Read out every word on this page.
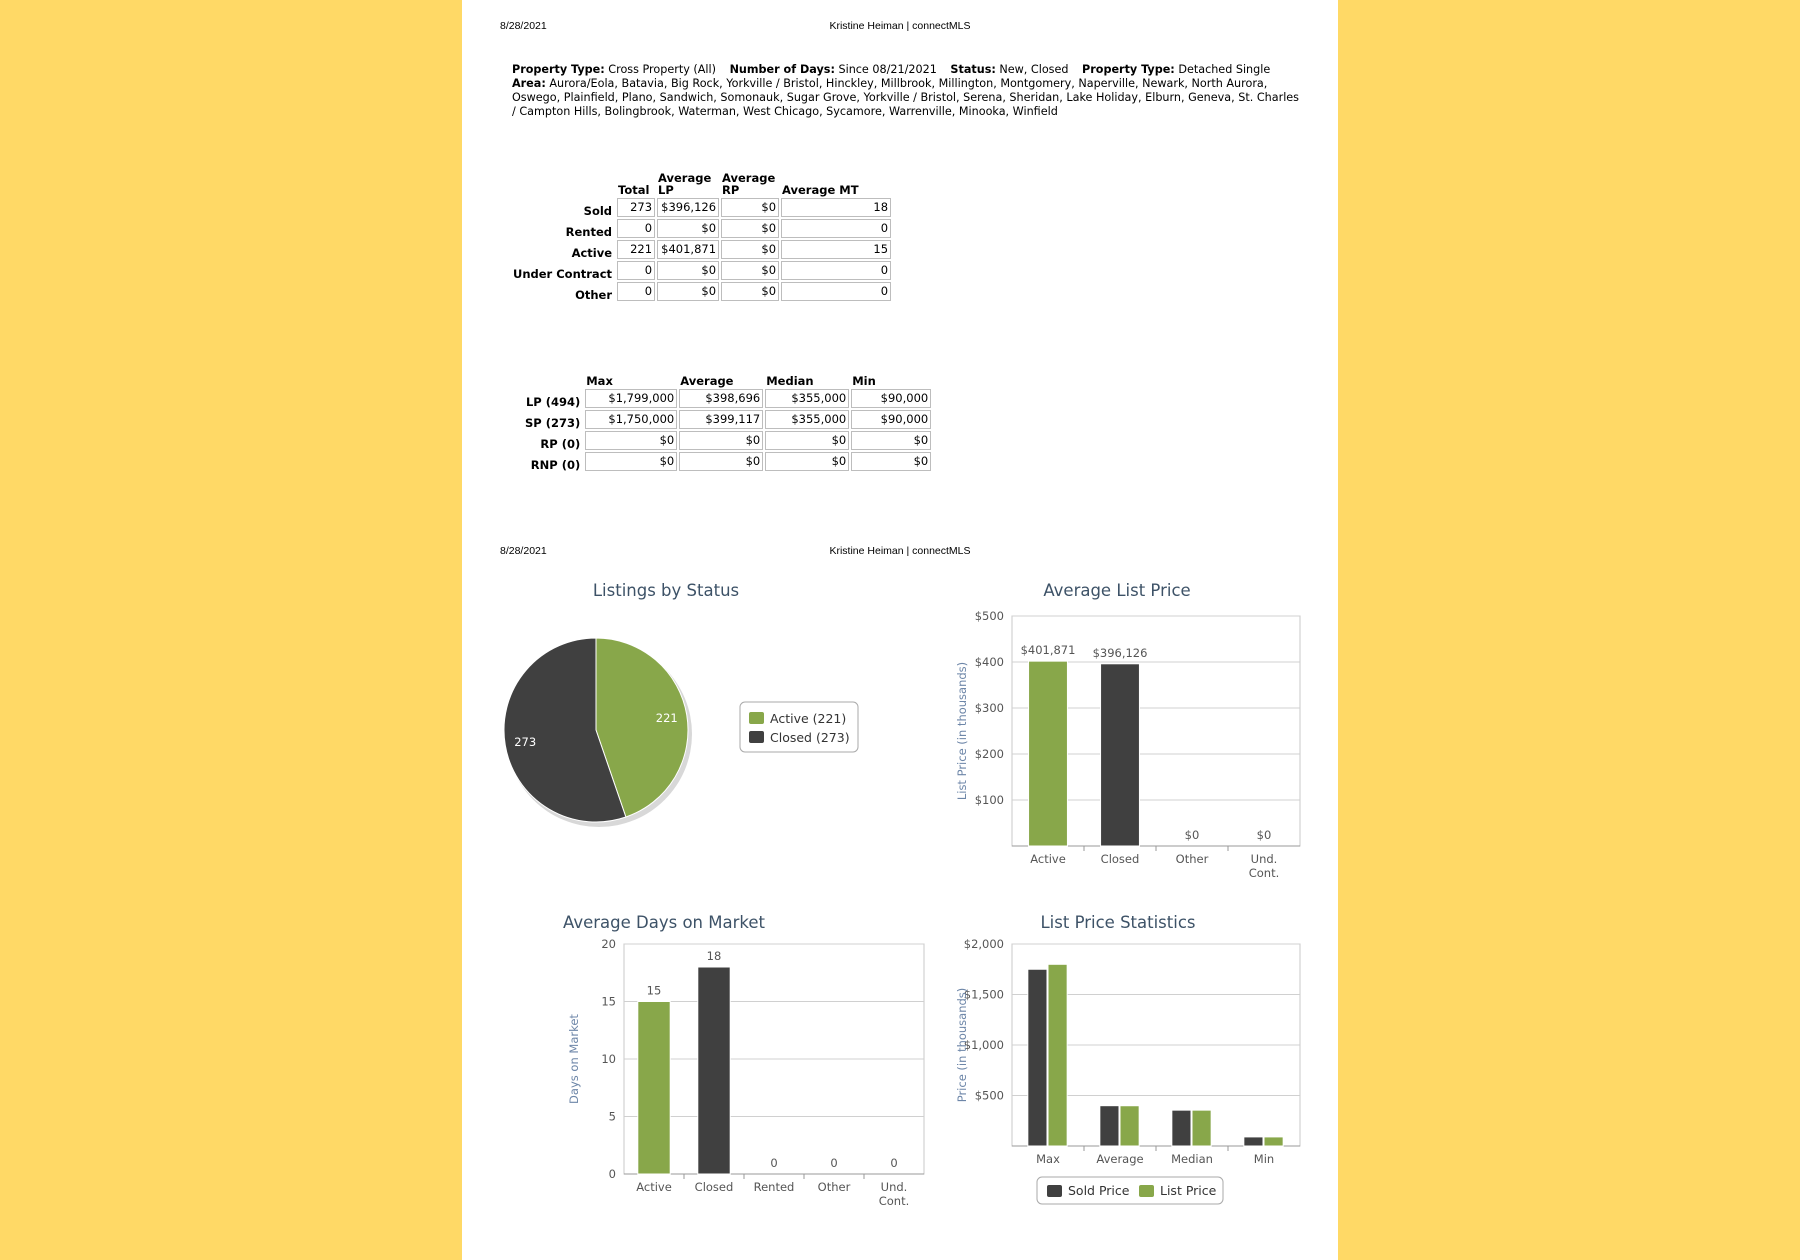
8/28/2021	Kristine Heiman | connectMLS
Property Type: Cross Property (All) Number of Days: Since 08/21/2021 Status: New, Closed Property Type: Detached Single Area: Aurora/Eola, Batavia, Big Rock, Yorkville / Bristol, Hinckley, Millbrook, Millington, Montgomery, Naperville, Newark, North Aurora, Oswego, Plainfield, Plano, Sandwich, Somonauk, Sugar Grove, Yorkville / Bristol, Serena, Sheridan, Lake Holiday, Elburn, Geneva, St. Charles / Campton Hills, Bolingbrook, Waterman, West Chicago, Sycamore, Warrenville, Minooka, Winfield
	Total	Average LP	Average RP	Average MT
Sold	273	$396,126	$0	18
Rented	0	$0	$0	0
Active	221	$401,871	$0	15
Under Contract	0	$0	$0	0
Other	0	$0	$0	0
	Max	Average	Median	Min
LP (494)	$1,799,000	$398,696	$355,000	$90,000
SP (273)	$1,750,000	$399,117	$355,000	$90,000
RP (0)	$0	$0	$0	$0
RNP (0)	$0	$0	$0	$0
8/28/2021	Kristine Heiman | connectMLS
Listings by Status
221
273
Active (221)
Closed (273)
Average List Price
$100
$200
$300
$400
$500
List Price (in thousands)
Active	Closed	Other	Und.
Cont.
$401,871 $396,126
$0	$0
Average Days on Market
0
5
10
15
20
Days on Market
Active Closed Rented Other	Und.
Cont.
15
18
0	0	0
List Price Statistics
$500
$1,000
$1,500
$2,000
Price (in thousands)
Max	Average Median	Min
Sold Price List Price
